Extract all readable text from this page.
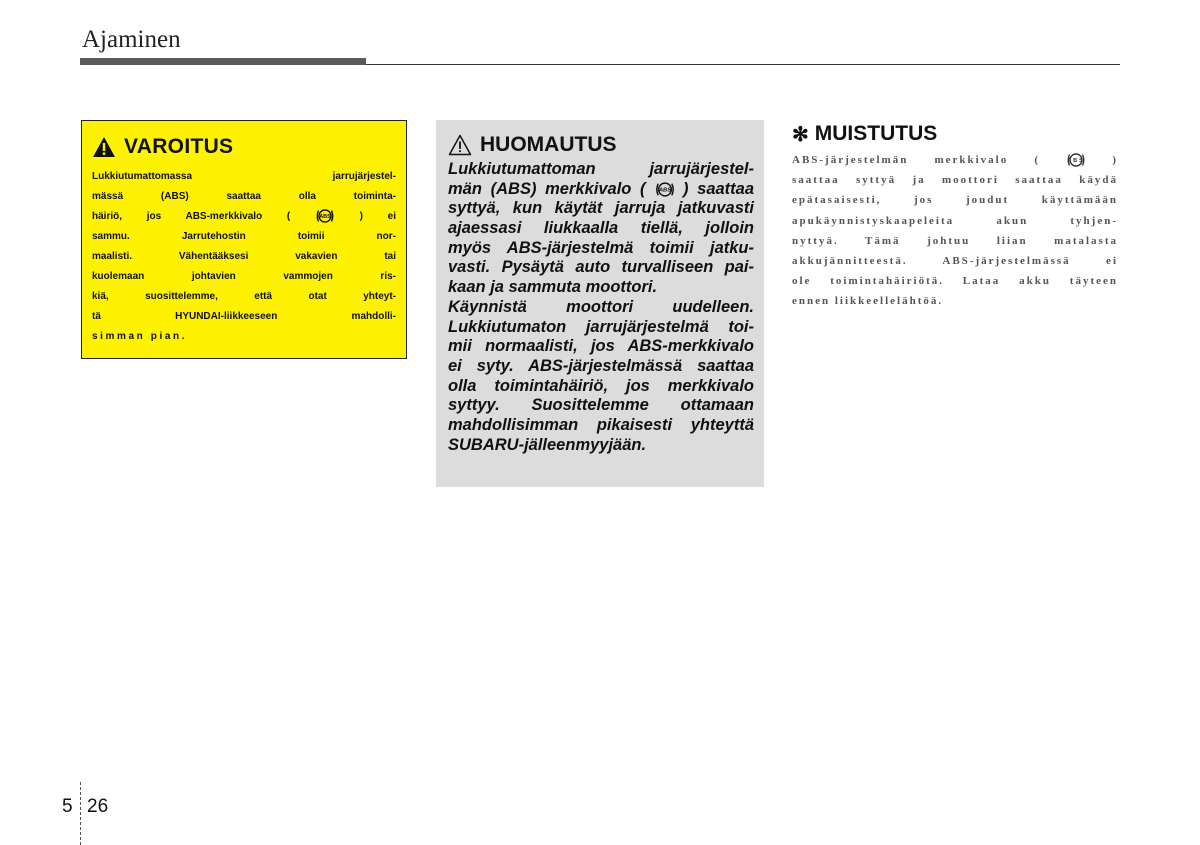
Ajaminen
VAROITUS
Lukkiutumattomassa jarrujärjestel-
mässä (ABS) saattaa olla toiminta-
häiriö, jos ABS-merkkivalo (	ABS	) ei
sammu. Jarrutehostin toimii nor-
maalisti. Vähentääksesi vakavien tai
kuolemaan johtavien vammojen ris-
kiä, suosittelemme, että otat yhteyt-
tä HYUNDAI-liikkeeseen mahdolli-
simman pian.
HUOMAUTUS
Lukkiutumattoman jarrujärjestel-
män (ABS) merkkivalo ( ABS ) saattaa
syttyä, kun käytät jarruja jatkuvasti
ajaessasi liukkaalla tiellä, jolloin
myös ABS-järjestelmä toimii jatku-
vasti. Pysäytä auto turvalliseen pai-
kaan ja sammuta moottori.
Käynnistä moottori uudelleen.
Lukkiutumaton jarrujärjestelmä toi-
mii normaalisti, jos ABS-merkkivalo
ei syty. ABS-järjestelmässä saattaa
olla toimintahäiriö, jos merkkivalo
syttyy. Suosittelemme ottamaan
mahdollisimman pikaisesti yhteyttä
SUBARU-jälleenmyyjään.
✻ MUISTUTUS
ABS-järjestelmän merkkivalo (	ABS )
saattaa syttyä ja moottori saattaa käydä
epätasaisesti, jos joudut käyttämään
apukäynnistyskaapeleita akun tyhjen-
nyttyä. Tämä johtuu liian matalasta
akkujännitteestä. ABS-järjestelmässä ei
ole toimintahäiriötä. Lataa akku täyteen
ennen liikkeellelähtöä.
5 26
